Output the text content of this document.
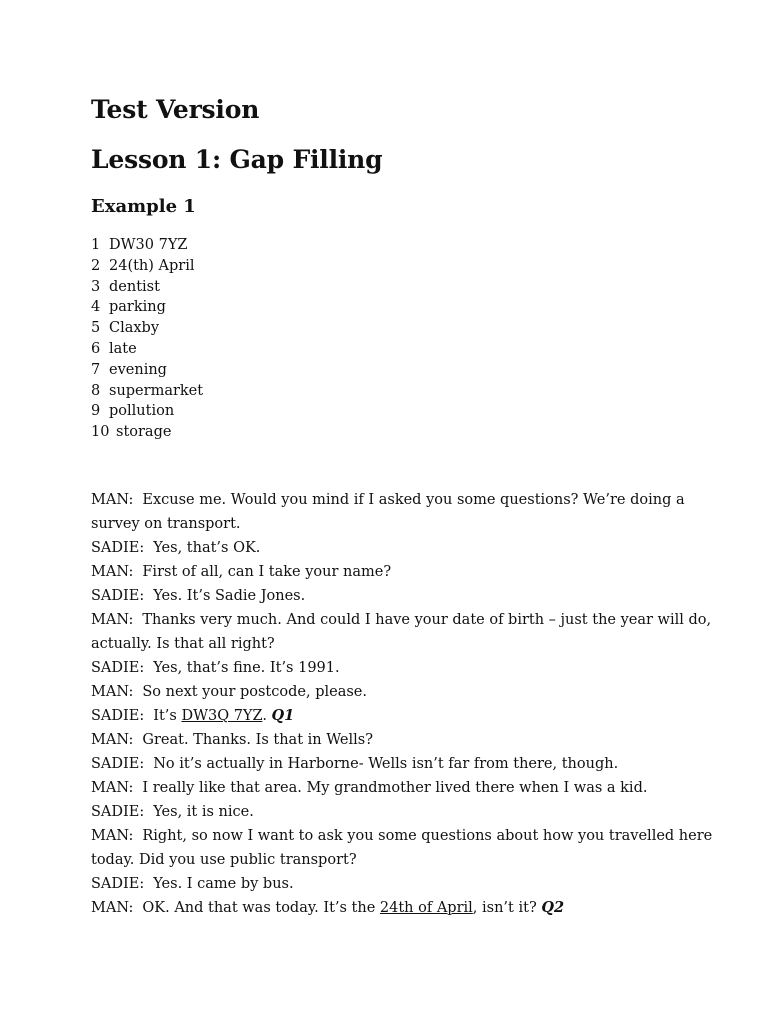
Test Version
Lesson 1: Gap Filling
Example 1
1 DW30 7YZ
2 24(th) April
3 dentist
4 parking
5 Claxby
6 late
7 evening
8 supermarket
9 pollution
10 storage
MAN: Excuse me. Would you mind if I asked you some questions? We’re doing a
survey on transport.
SADIE: Yes, that’s OK.
MAN: First of all, can I take your name?
SADIE: Yes. It’s Sadie Jones.
MAN: Thanks very much. And could I have your date of birth – just the year will do,
actually. Is that all right?
SADIE: Yes, that’s fine. It’s 1991.
MAN: So next your postcode, please.
SADIE: It’s DW3Q 7YZ. Q1
MAN: Great. Thanks. Is that in Wells?
SADIE: No it’s actually in Harborne- Wells isn’t far from there, though.
MAN: I really like that area. My grandmother lived there when I was a kid.
SADIE: Yes, it is nice.
MAN: Right, so now I want to ask you some questions about how you travelled here
today. Did you use public transport?
SADIE: Yes. I came by bus.
MAN: OK. And that was today. It’s the 24th of April, isn’t it? Q2
